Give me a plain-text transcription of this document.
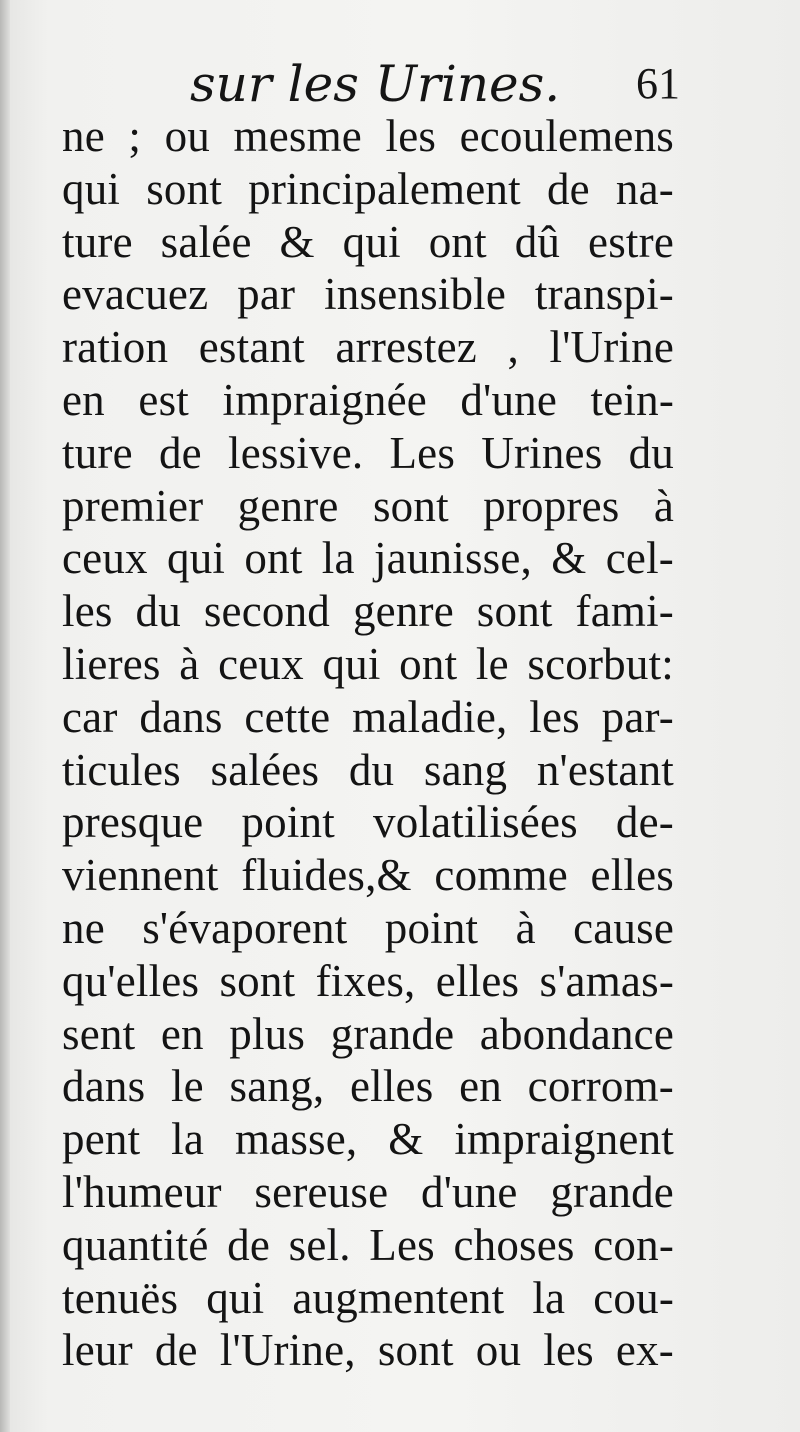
sur les Urines. 61
ne ; ou mesme les ecoulemens
qui sont principalement de na-
ture salée & qui ont dû estre
evacuez par insensible transpi-
ration estant arrestez , l'Urine
en est impraignée d'une tein-
ture de lessive. Les Urines du
premier genre sont propres à
ceux qui ont la jaunisse, & cel-
les du second genre sont fami-
lieres à ceux qui ont le scorbut:
car dans cette maladie, les par-
ticules salées du sang n'estant
presque point volatilisées de-
viennent fluides,& comme elles
ne s'évaporent point à cause
qu'elles sont fixes, elles s'amas-
sent en plus grande abondance
dans le sang, elles en corrom-
pent la masse, & impraignent
l'humeur sereuse d'une grande
quantité de sel. Les choses con-
tenuës qui augmentent la cou-
leur de l'Urine, sont ou les ex-
